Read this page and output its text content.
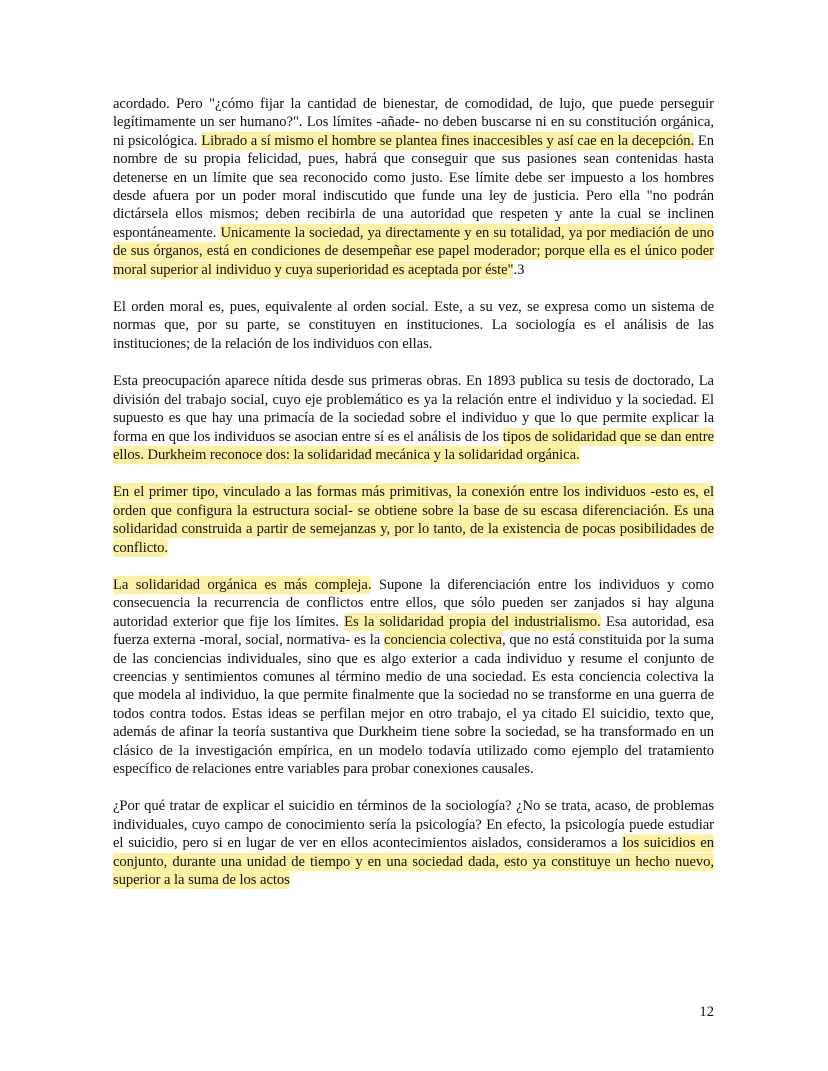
acordado. Pero "¿cómo fijar la cantidad de bienestar, de comodidad, de lujo, que puede perseguir legítimamente un ser humano?". Los límites -añade- no deben buscarse ni en su constitución orgánica, ni psicológica. Librado a sí mismo el hombre se plantea fines inaccesibles y así cae en la decepción. En nombre de su propia felicidad, pues, habrá que conseguir que sus pasiones sean contenidas hasta detenerse en un límite que sea reconocido como justo. Ese límite debe ser impuesto a los hombres desde afuera por un poder moral indiscutido que funde una ley de justicia. Pero ella "no podrán dictársela ellos mismos; deben recibirla de una autoridad que respeten y ante la cual se inclinen espontáneamente. Unicamente la sociedad, ya directamente y en su totalidad, ya por mediación de uno de sus órganos, está en condiciones de desempeñar ese papel moderador; porque ella es el único poder moral superior al individuo y cuya superioridad es aceptada por éste".3

El orden moral es, pues, equivalente al orden social. Este, a su vez, se expresa como un sistema de normas que, por su parte, se constituyen en instituciones. La sociología es el análisis de las instituciones; de la relación de los individuos con ellas.

Esta preocupación aparece nítida desde sus primeras obras. En 1893 publica su tesis de doctorado, La división del trabajo social, cuyo eje problemático es ya la relación entre el individuo y la sociedad. El supuesto es que hay una primacía de la sociedad sobre el individuo y que lo que permite explicar la forma en que los individuos se asocian entre sí es el análisis de los tipos de solidaridad que se dan entre ellos. Durkheim reconoce dos: la solidaridad mecánica y la solidaridad orgánica.

En el primer tipo, vinculado a las formas más primitivas, la conexión entre los individuos -esto es, el orden que configura la estructura social- se obtiene sobre la base de su escasa diferenciación. Es una solidaridad construida a partir de semejanzas y, por lo tanto, de la existencia de pocas posibilidades de conflicto.

La solidaridad orgánica es más compleja. Supone la diferenciación entre los individuos y como consecuencia la recurrencia de conflictos entre ellos, que sólo pueden ser zanjados si hay alguna autoridad exterior que fije los límites. Es la solidaridad propia del industrialismo. Esa autoridad, esa fuerza externa -moral, social, normativa- es la conciencia colectiva, que no está constituida por la suma de las conciencias individuales, sino que es algo exterior a cada individuo y resume el conjunto de creencias y sentimientos comunes al término medio de una sociedad. Es esta conciencia colectiva la que modela al individuo, la que permite finalmente que la sociedad no se transforme en una guerra de todos contra todos. Estas ideas se perfilan mejor en otro trabajo, el ya citado El suicidio, texto que, además de afinar la teoría sustantiva que Durkheim tiene sobre la sociedad, se ha transformado en un clásico de la investigación empírica, en un modelo todavía utilizado como ejemplo del tratamiento específico de relaciones entre variables para probar conexiones causales.

¿Por qué tratar de explicar el suicidio en términos de la sociología? ¿No se trata, acaso, de problemas individuales, cuyo campo de conocimiento sería la psicología? En efecto, la psicología puede estudiar el suicidio, pero si en lugar de ver en ellos acontecimientos aislados, consideramos a los suicidios en conjunto, durante una unidad de tiempo y en una sociedad dada, esto ya constituye un hecho nuevo, superior a la suma de los actos

12
